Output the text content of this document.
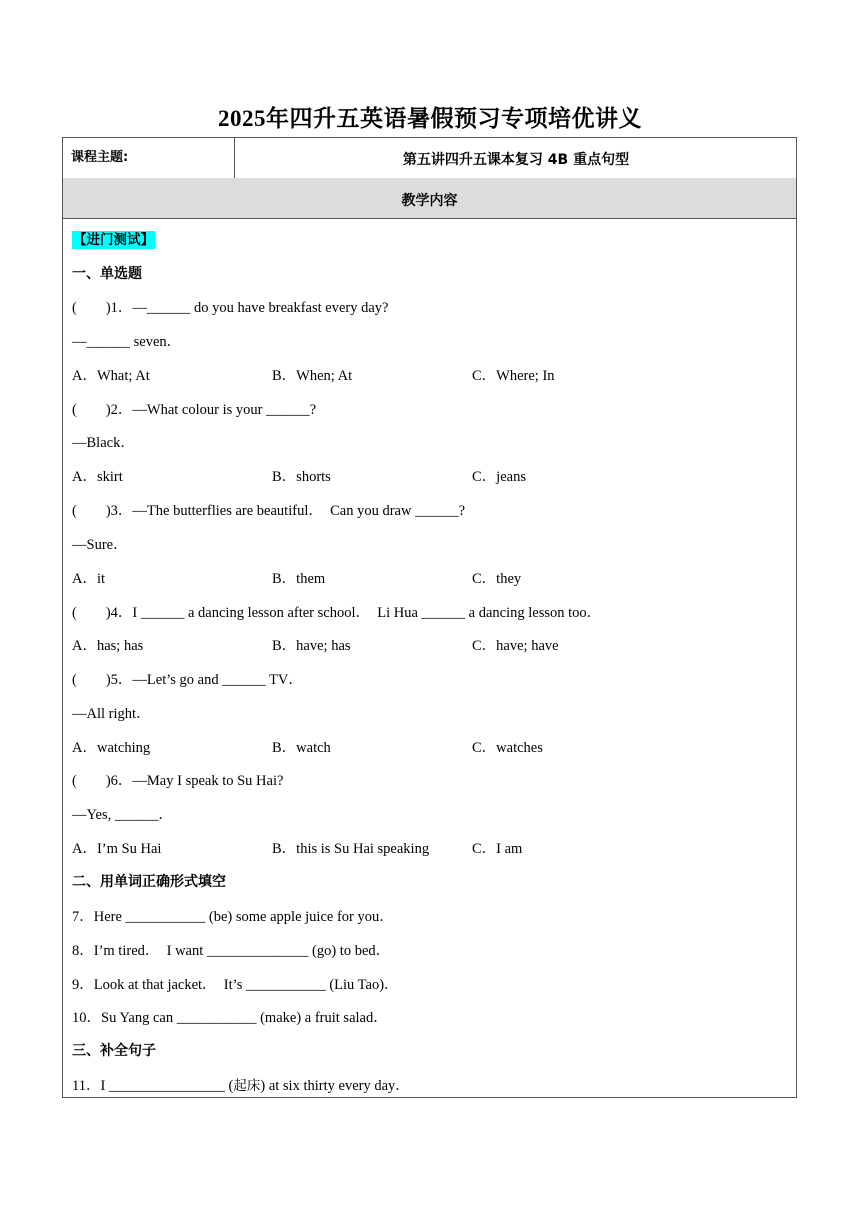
2025年四升五英语暑假预习专项培优讲义
课程主题:	第五讲四升五课本复习 4B 重点句型
教学内容
【进门测试】
一、单选题
(        )1．—______ do you have breakfast every day?
—______ seven．
A．What; At	B．When; At	C．Where; In
(        )2．—What colour is your ______?
—Black．
A．skirt	B．shorts	C．jeans
(        )3．—The butterflies are beautiful．  Can you draw ______?
—Sure．
A．it	B．them	C．they
(        )4．I ______ a dancing lesson after school．  Li Hua ______ a dancing lesson too．
A．has; has	B．have; has	C．have; have
(        )5．—Let’s go and ______ TV．
—All right．
A．watching	B．watch	C．watches
(        )6．—May I speak to Su Hai?
—Yes, ______．
A．I’m Su Hai	B．this is Su Hai speaking	C．I am
二、用单词正确形式填空
7．Here ___________ (be) some apple juice for you．
8．I’m tired．  I want ______________ (go) to bed．
9．Look at that jacket．  It’s ___________ (Liu Tao)．
10．Su Yang can ___________ (make) a fruit salad．
三、补全句子
11．I ________________ (起床) at six thirty every day．
